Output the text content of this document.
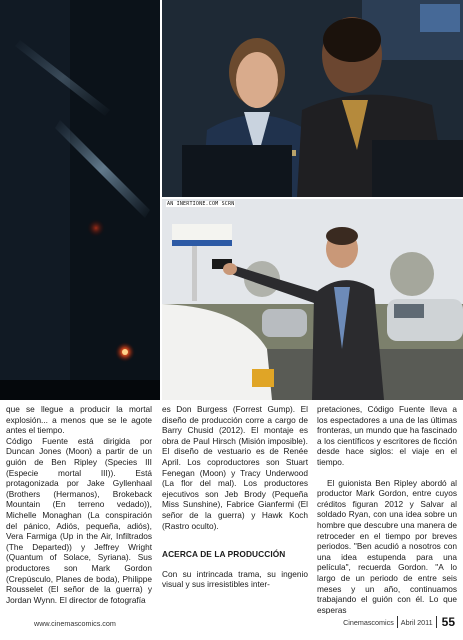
AN INERTIONE.COM SCRN

que se llegue a producir la mortal explosión... a menos que se le agote antes el tiempo.
Código Fuente está dirigida por Duncan Jones (Moon) a partir de un guión de Ben Ripley (Species III (Especie mortal III)). Está protagonizada por Jake Gyllenhaal (Brothers (Hermanos), Brokeback Mountain (En terreno vedado)), Michelle Monaghan (La conspiración del pánico, Adiós, pequeña, adiós), Vera Farmiga (Up in the Air, Infiltrados (The Departed)) y Jeffrey Wright (Quantum of Solace, Syriana). Sus productores son Mark Gordon (Crepúsculo, Planes de boda), Philippe Rousselet (El señor de la guerra) y Jordan Wynn. El director de fotografía

es Don Burgess (Forrest Gump). El diseño de producción corre a cargo de Barry Chusid (2012). El montaje es obra de Paul Hirsch (Misión imposible). El diseño de vestuario es de Renée April. Los coproductores son Stuart Fenegan (Moon) y Tracy Underwood (La flor del mal). Los productores ejecutivos son Jeb Brody (Pequeña Miss Sunshine), Fabrice Gianfermi (El señor de la guerra) y Hawk Koch (Rastro oculto).

ACERCA DE LA PRODUCCIÓN

Con su intrincada trama, su ingenio visual y sus irresistibles inter-

pretaciones, Código Fuente lleva a los espectadores a una de las últimas fronteras, un mundo que ha fascinado a los científicos y escritores de ficción desde hace siglos: el viaje en el tiempo.

El guionista Ben Ripley abordó al productor Mark Gordon, entre cuyos créditos figuran 2012 y Salvar al soldado Ryan, con una idea sobre un hombre que descubre una manera de retroceder en el tiempo por breves periodos. "Ben acudió a nosotros con una idea estupenda para una película", recuerda Gordon. "A lo largo de un periodo de entre seis meses y un año, continuamos trabajando el guión con él. Lo que esperas

www.cinemascomics.com	Cinemascomics Abril 2011 55
